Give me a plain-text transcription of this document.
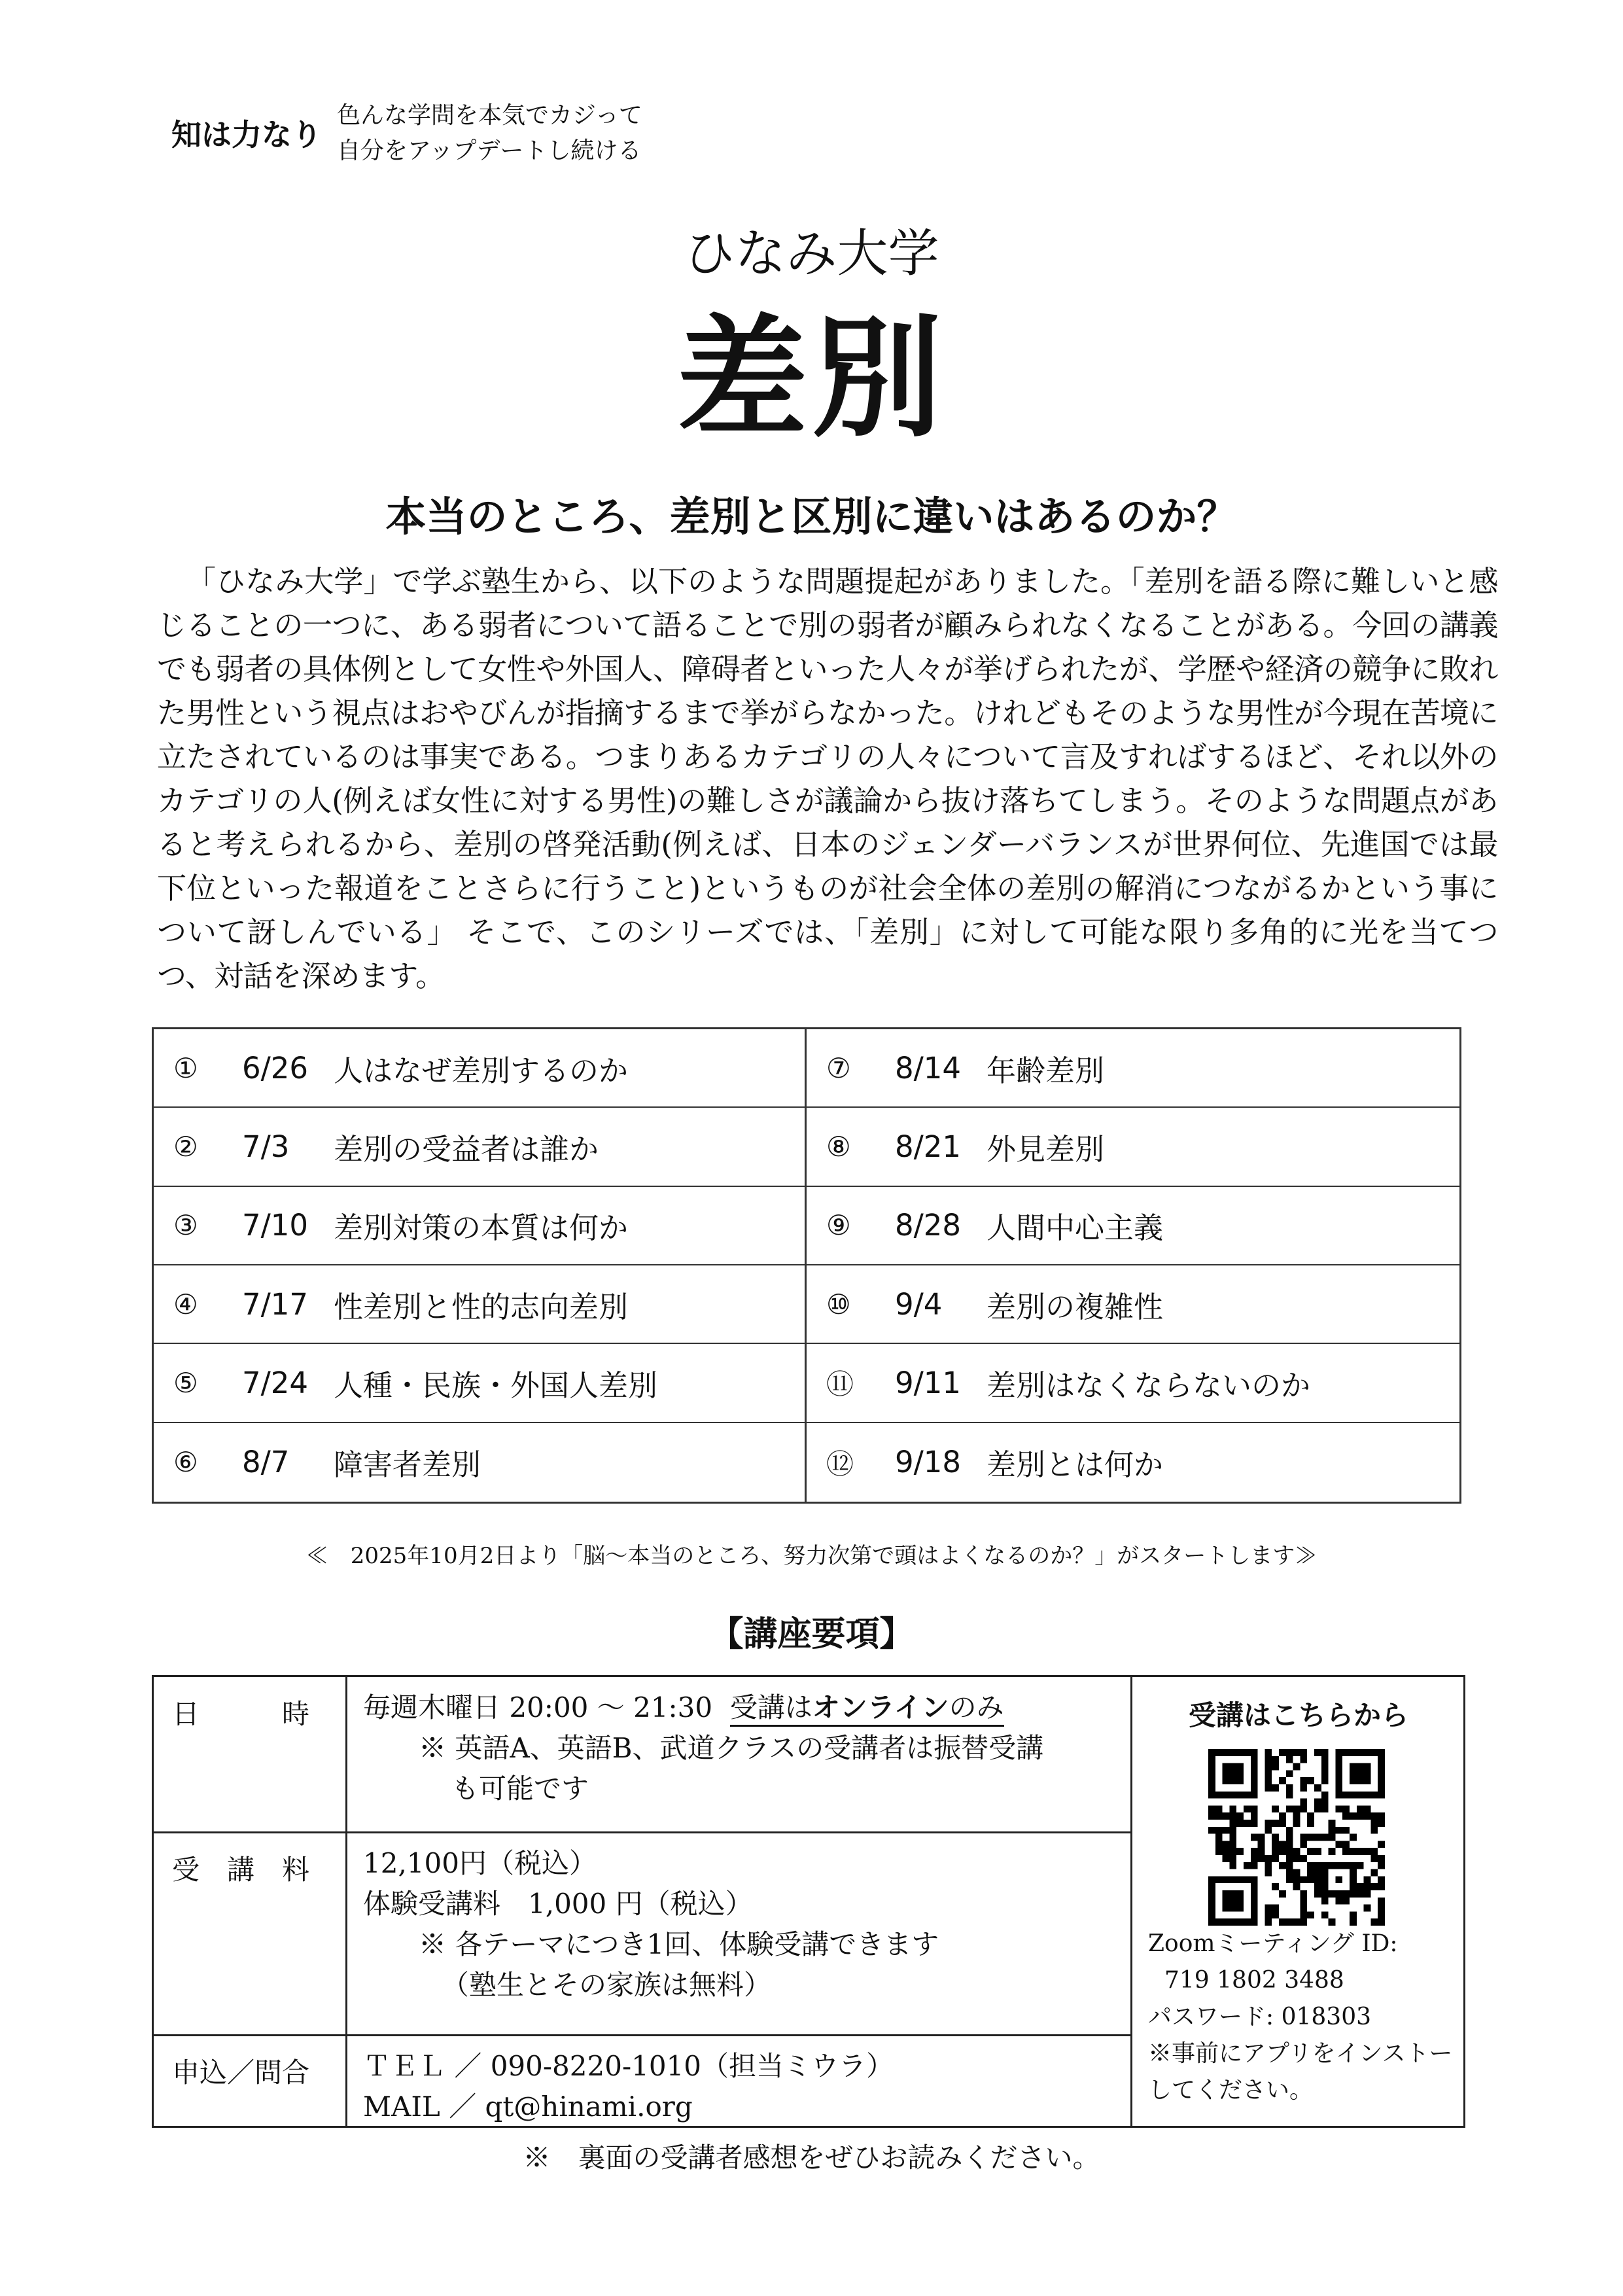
知は力なり
色んな学問を本気でカジって
自分をアップデートし続ける
ひなみ大学
差別
本当のところ、差別と区別に違いはあるのか？
「ひなみ大学」で学ぶ塾生から、以下のような問題提起がありました。「差別を語る際に難しいと感じることの一つに、ある弱者について語ることで別の弱者が顧みられなくなることがある。今回の講義でも弱者の具体例として女性や外国人、障碍者といった人々が挙げられたが、学歴や経済の競争に敗れた男性という視点はおやびんが指摘するまで挙がらなかった。けれどもそのような男性が今現在苦境に立たされているのは事実である。つまりあるカテゴリの人々について言及すればするほど、それ以外のカテゴリの人(例えば女性に対する男性)の難しさが議論から抜け落ちてしまう。そのような問題点があると考えられるから、差別の啓発活動(例えば、日本のジェンダーバランスが世界何位、先進国では最下位といった報道をことさらに行うこと)というものが社会全体の差別の解消につながるかという事について訝しんでいる」 そこで、このシリーズでは、「差別」に対して可能な限り多角的に光を当てつつ、対話を深めます。
①	6/26 人はなぜ差別するのか	⑦	8/14 年齢差別
②	7/3	差別の受益者は誰か	⑧	8/21 外見差別
③	7/10 差別対策の本質は何か	⑨	8/28 人間中心主義
④	7/17 性差別と性的志向差別	⑩	9/4	差別の複雑性
⑤	7/24 人種・民族・外国人差別	⑪	9/11 差別はなくならないのか
⑥	8/7	障害者差別	⑫	9/18 差別とは何か
≪　2025年10月2日より「脳〜本当のところ、努力次第で頭はよくなるのか？」がスタートします≫
【講座要項】
日　　　時 毎週木曜日 20:00 〜 21:30 受講はオンラインのみ
※ 英語A、英語B、武道クラスの受講者は振替受講
も可能です
受　講　料 12,100円（税込）
体験受講料　1,000 円（税込）
※ 各テーマにつき1回、体験受講できます
（塾生とその家族は無料）
申込／問合 ＴＥＬ ／ 090-8220-1010（担当ミウラ）
MAIL ／ qt@hinami.org
受講はこちらから
Zoomミーティング ID:
719 1802 3488
パスワード: 018303
※事前にアプリをインストー
してください。
※　裏面の受講者感想をぜひお読みください。
